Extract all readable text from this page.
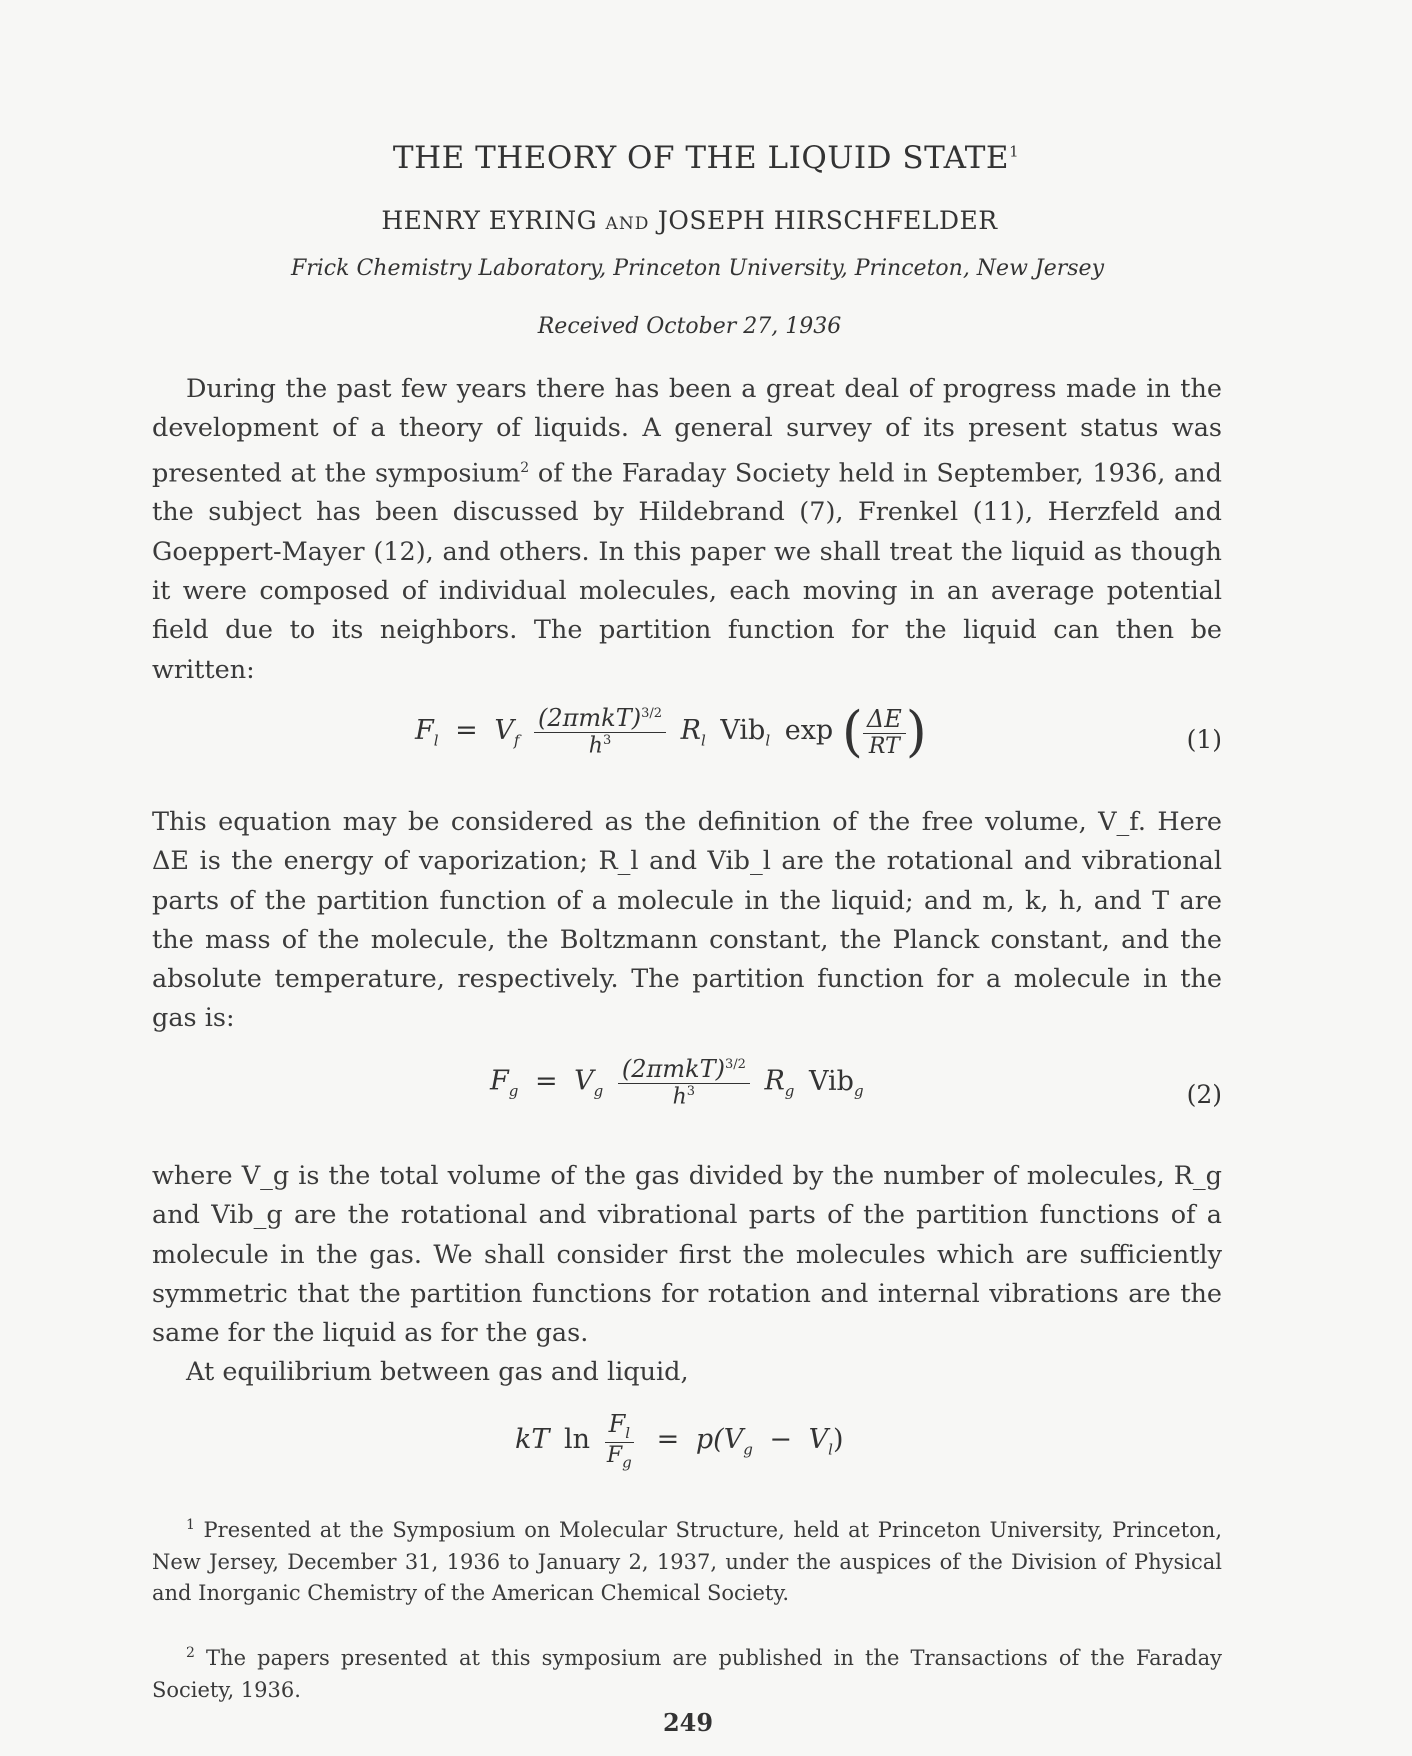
THE THEORY OF THE LIQUID STATE$^1$
HENRY EYRING AND JOSEPH HIRSCHFELDER
Frick Chemistry Laboratory, Princeton University, Princeton, New Jersey
Received October 27, 1936
During the past few years there has been a great deal of progress made in the development of a theory of liquids. A general survey of its present status was presented at the symposium$^2$ of the Faraday Society held in September, 1936, and the subject has been discussed by Hildebrand (7), Frenkel (11), Herzfeld and Goeppert-Mayer (12), and others. In this paper we shall treat the liquid as though it were composed of individual molecules, each moving in an average potential field due to its neighbors. The partition function for the liquid can then be written:
$F_l = V_f \frac{(2\pi mkT)^{3/2}}{h^3} R_l$ Vib$_l$ exp ( $\frac{\Delta E}{RT}$ )	(1)
This equation may be considered as the definition of the free volume, V_f. Here ΔE is the energy of vaporization; R_l and Vib_l are the rotational and vibrational parts of the partition function of a molecule in the liquid; and m, k, h, and T are the mass of the molecule, the Boltzmann constant, the Planck constant, and the absolute temperature, respectively. The partition function for a molecule in the gas is:
$F_g = V_g \frac{(2\pi mkT)^{3/2}}{h^3} R_g$ Vib$_g$	(2)
where V_g is the total volume of the gas divided by the number of molecules, R_g and Vib_g are the rotational and vibrational parts of the partition functions of a molecule in the gas. We shall consider first the molecules which are sufficiently symmetric that the partition functions for rotation and internal vibrations are the same for the liquid as for the gas.
At equilibrium between gas and liquid,
kT $\ln \frac{F_l}{F_g} = p(V_g - V_l)$
$^1$ Presented at the Symposium on Molecular Structure, held at Princeton University, Princeton, New Jersey, December 31, 1936 to January 2, 1937, under the auspices of the Division of Physical and Inorganic Chemistry of the American Chemical Society.
$^2$ The papers presented at this symposium are published in the Transactions of the Faraday Society, 1936.
249
